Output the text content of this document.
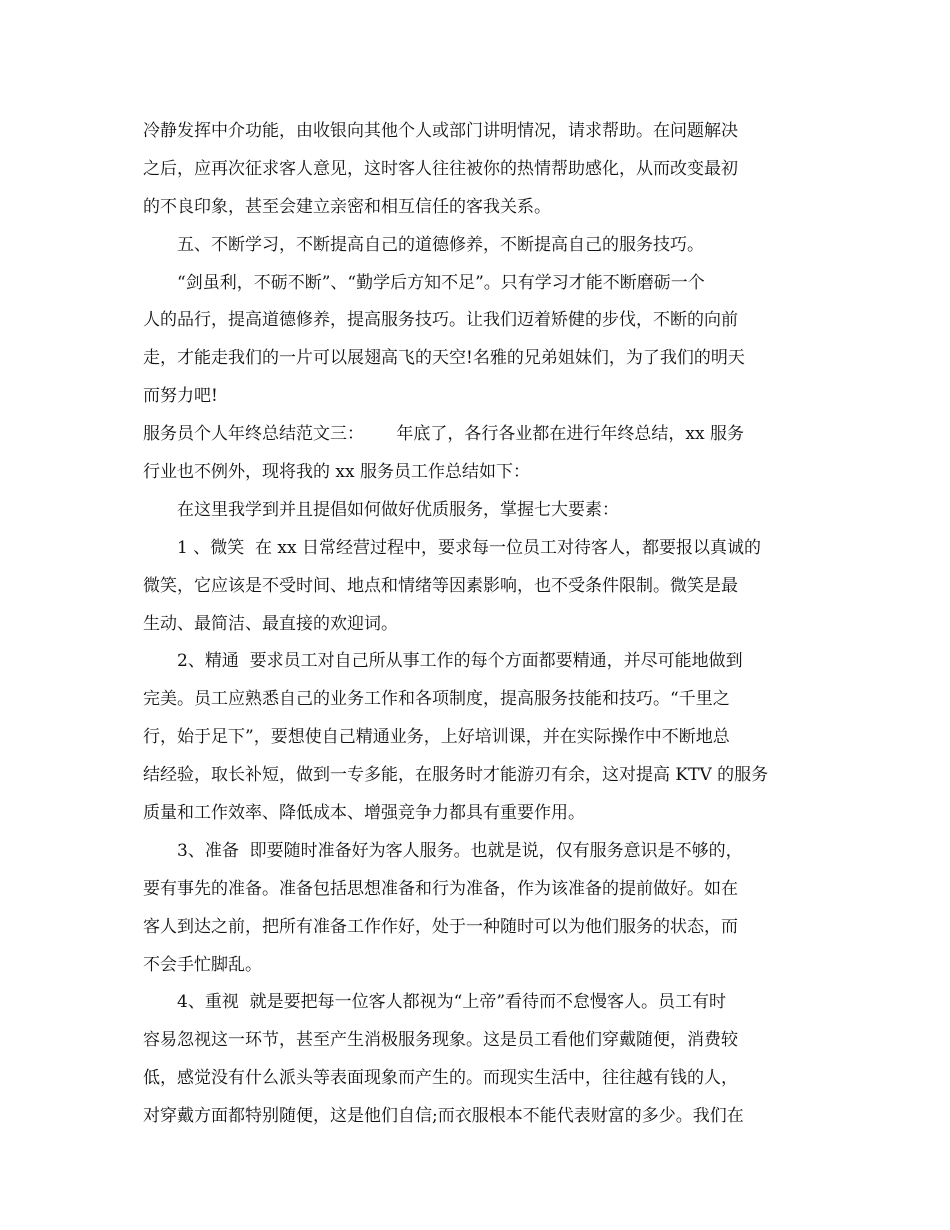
冷静发挥中介功能，由收银向其他个人或部门讲明情况，请求帮助。在问题解决
之后，应再次征求客人意见，这时客人往往被你的热情帮助感化，从而改变最初
的不良印象，甚至会建立亲密和相互信任的客我关系。
五、不断学习，不断提高自己的道德修养，不断提高自己的服务技巧。
“剑虽利，不砺不断”、“勤学后方知不足”。只有学习才能不断磨砺一个
人的品行，提高道德修养，提高服务技巧。让我们迈着矫健的步伐，不断的向前
走，才能走我们的一片可以展翅高飞的天空!名雅的兄弟姐妹们，为了我们的明天
而努力吧!
服务员个人年终总结范文三：      年底了，各行各业都在进行年终总结，xx 服务
行业也不例外，现将我的 xx 服务员工作总结如下：
在这里我学到并且提倡如何做好优质服务，掌握七大要素：
1 、微笑  在 xx 日常经营过程中，要求每一位员工对待客人，都要报以真诚的
微笑，它应该是不受时间、地点和情绪等因素影响，也不受条件限制。微笑是最
生动、最简洁、最直接的欢迎词。
2、精通  要求员工对自己所从事工作的每个方面都要精通，并尽可能地做到
完美。员工应熟悉自己的业务工作和各项制度，提高服务技能和技巧。“千里之
行，始于足下”，要想使自己精通业务，上好培训课，并在实际操作中不断地总
结经验，取长补短，做到一专多能，在服务时才能游刃有余，这对提高 KTV 的服务
质量和工作效率、降低成本、增强竞争力都具有重要作用。
3、准备  即要随时准备好为客人服务。也就是说，仅有服务意识是不够的，
要有事先的准备。准备包括思想准备和行为准备，作为该准备的提前做好。如在
客人到达之前，把所有准备工作作好，处于一种随时可以为他们服务的状态，而
不会手忙脚乱。
4、重视  就是要把每一位客人都视为“上帝”看待而不怠慢客人。员工有时
容易忽视这一环节，甚至产生消极服务现象。这是员工看他们穿戴随便，消费较
低，感觉没有什么派头等表面现象而产生的。而现实生活中，往往越有钱的人，
对穿戴方面都特别随便，这是他们自信;而衣服根本不能代表财富的多少。我们在
